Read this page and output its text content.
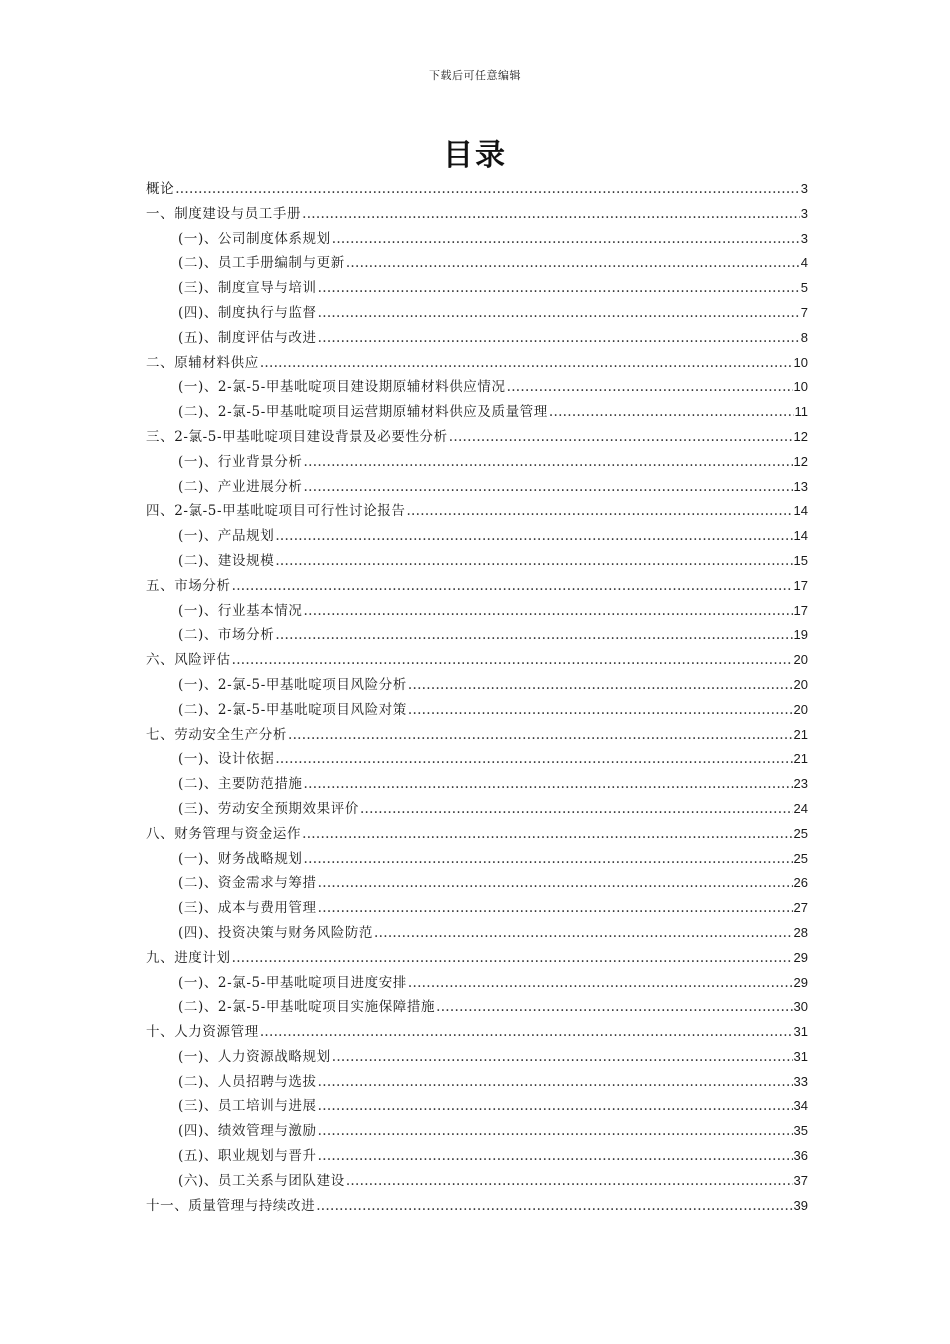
下载后可任意编辑
目录
概论 .....	3
一、制度建设与员工手册 .....	3
(一)、公司制度体系规划 .....	3
(二)、员工手册编制与更新 .....	4
(三)、制度宣导与培训 .....	5
(四)、制度执行与监督 .....	7
(五)、制度评估与改进 .....	8
二、原辅材料供应 .....	10
(一)、2-氯-5-甲基吡啶项目建设期原辅材料供应情况 .....	10
(二)、2-氯-5-甲基吡啶项目运营期原辅材料供应及质量管理 .....	11
三、2-氯-5-甲基吡啶项目建设背景及必要性分析 .....	12
(一)、行业背景分析 .....	12
(二)、产业进展分析 .....	13
四、2-氯-5-甲基吡啶项目可行性讨论报告 .....	14
(一)、产品规划 .....	14
(二)、建设规模 .....	15
五、市场分析 .....	17
(一)、行业基本情况 .....	17
(二)、市场分析 .....	19
六、风险评估 .....	20
(一)、2-氯-5-甲基吡啶项目风险分析 .....	20
(二)、2-氯-5-甲基吡啶项目风险对策 .....	20
七、劳动安全生产分析 .....	21
(一)、设计依据 .....	21
(二)、主要防范措施 .....	23
(三)、劳动安全预期效果评价 .....	24
八、财务管理与资金运作 .....	25
(一)、财务战略规划 .....	25
(二)、资金需求与筹措 .....	26
(三)、成本与费用管理 .....	27
(四)、投资决策与财务风险防范 .....	28
九、进度计划 .....	29
(一)、2-氯-5-甲基吡啶项目进度安排 .....	29
(二)、2-氯-5-甲基吡啶项目实施保障措施 .....	30
十、人力资源管理 .....	31
(一)、人力资源战略规划 .....	31
(二)、人员招聘与选拔 .....	33
(三)、员工培训与进展 .....	34
(四)、绩效管理与激励 .....	35
(五)、职业规划与晋升 .....	36
(六)、员工关系与团队建设 .....	37
十一、质量管理与持续改进 .....	39
